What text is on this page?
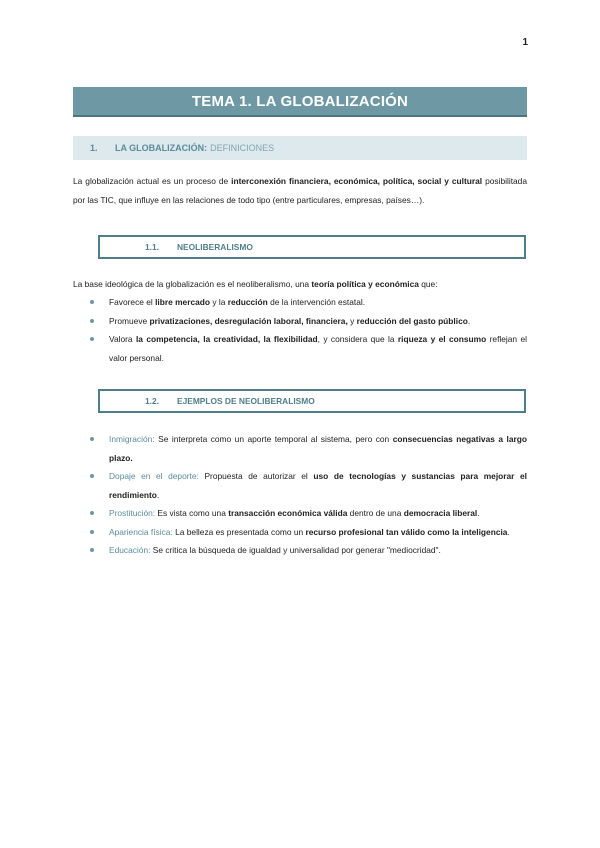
1
TEMA 1. LA GLOBALIZACIÓN
1.	LA GLOBALIZACIÓN: DEFINICIONES

La globalización actual es un proceso de interconexión financiera, económica, política, social y cultural posibilitada por las TIC, que influye en las relaciones de todo tipo (entre particulares, empresas, países…).

1.1.	NEOLIBERALISMO

La base ideológica de la globalización es el neoliberalismo, una teoría política y económica que:

Favorece el libre mercado y la reducción de la intervención estatal.
Promueve privatizaciones, desregulación laboral, financiera, y reducción del gasto público.
Valora la competencia, la creatividad, la flexibilidad, y considera que la riqueza y el consumo reflejan el valor personal.
1.2.	EJEMPLOS DE NEOLIBERALISMO
Inmigración: Se interpreta como un aporte temporal al sistema, pero con consecuencias negativas a largo plazo.
Dopaje en el deporte: Propuesta de autorizar el uso de tecnologías y sustancias para mejorar el rendimiento.
Prostitución: Es vista como una transacción económica válida dentro de una democracia liberal.
Apariencia física: La belleza es presentada como un recurso profesional tan válido como la inteligencia.
Educación: Se critica la búsqueda de igualdad y universalidad por generar "mediocridad".
